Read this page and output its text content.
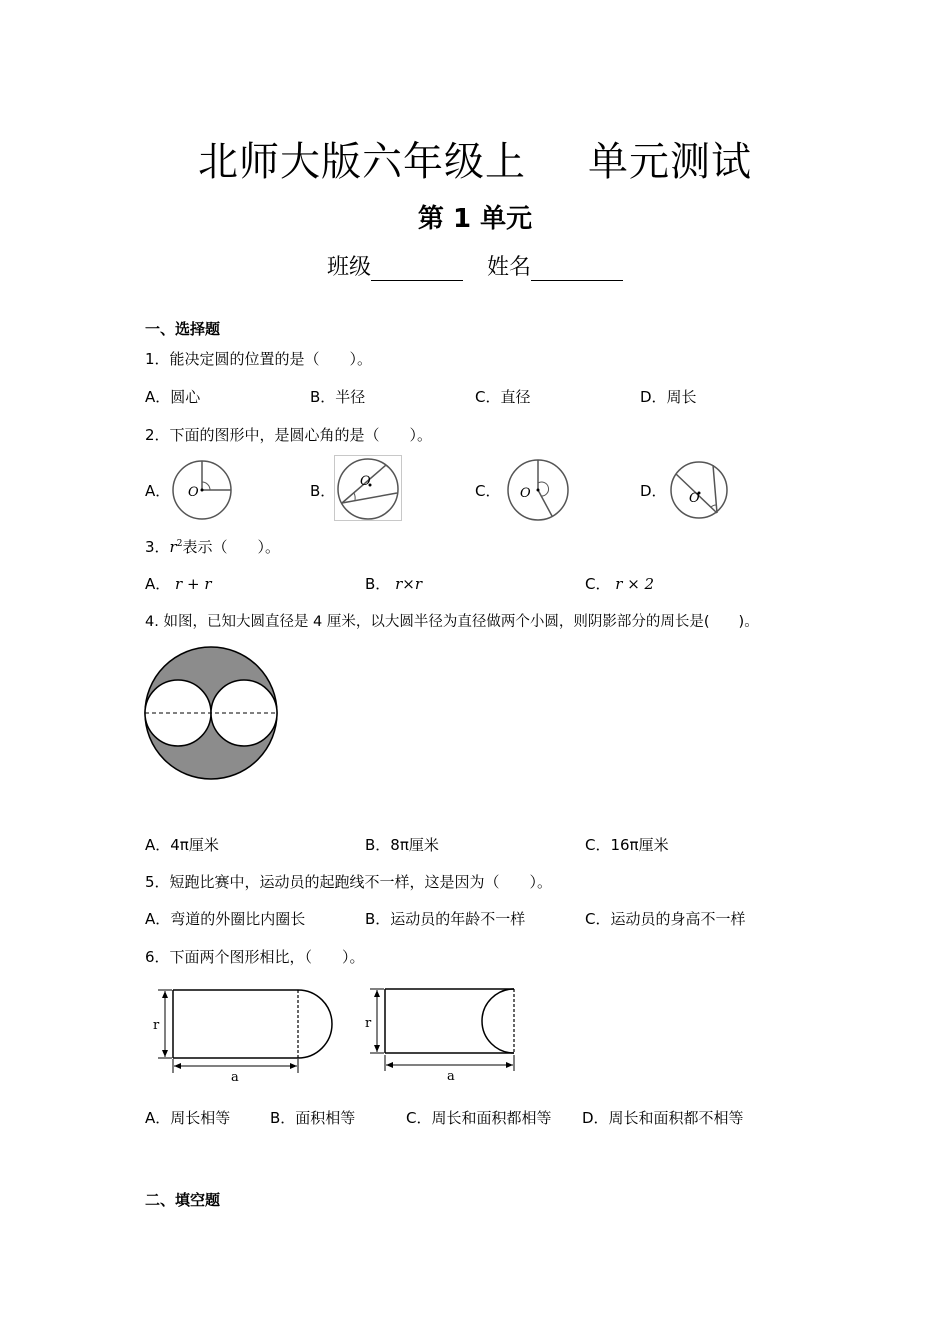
北师大版六年级上 单元测试
第 1 单元
班级	姓名
一、选择题
1．能决定圆的位置的是（　　）。
A．圆心	B．半径	C．直径	D．周长
2．下面的图形中，是圆心角的是（　　）。
A．	B．	C．	D．
O
O
O	O
3．$r^2$表示（　　）。
A． r + r	B． r×r	C． r × 2
4. 如图，已知大圆直径是 4 厘米，以大圆半径为直径做两个小圆，则阴影部分的周长是(　　)。
A．4π厘米	B．8π厘米	C．16π厘米
5．短跑比赛中，运动员的起跑线不一样，这是因为（　　）。
A．弯道的外圈比内圈长	B．运动员的年龄不一样	C．运动员的身高不一样
6．下面两个图形相比，（　　）。
r
a
r
a
A．周长相等	B．面积相等	C．周长和面积都相等 D．周长和面积都不相等
二、填空题
